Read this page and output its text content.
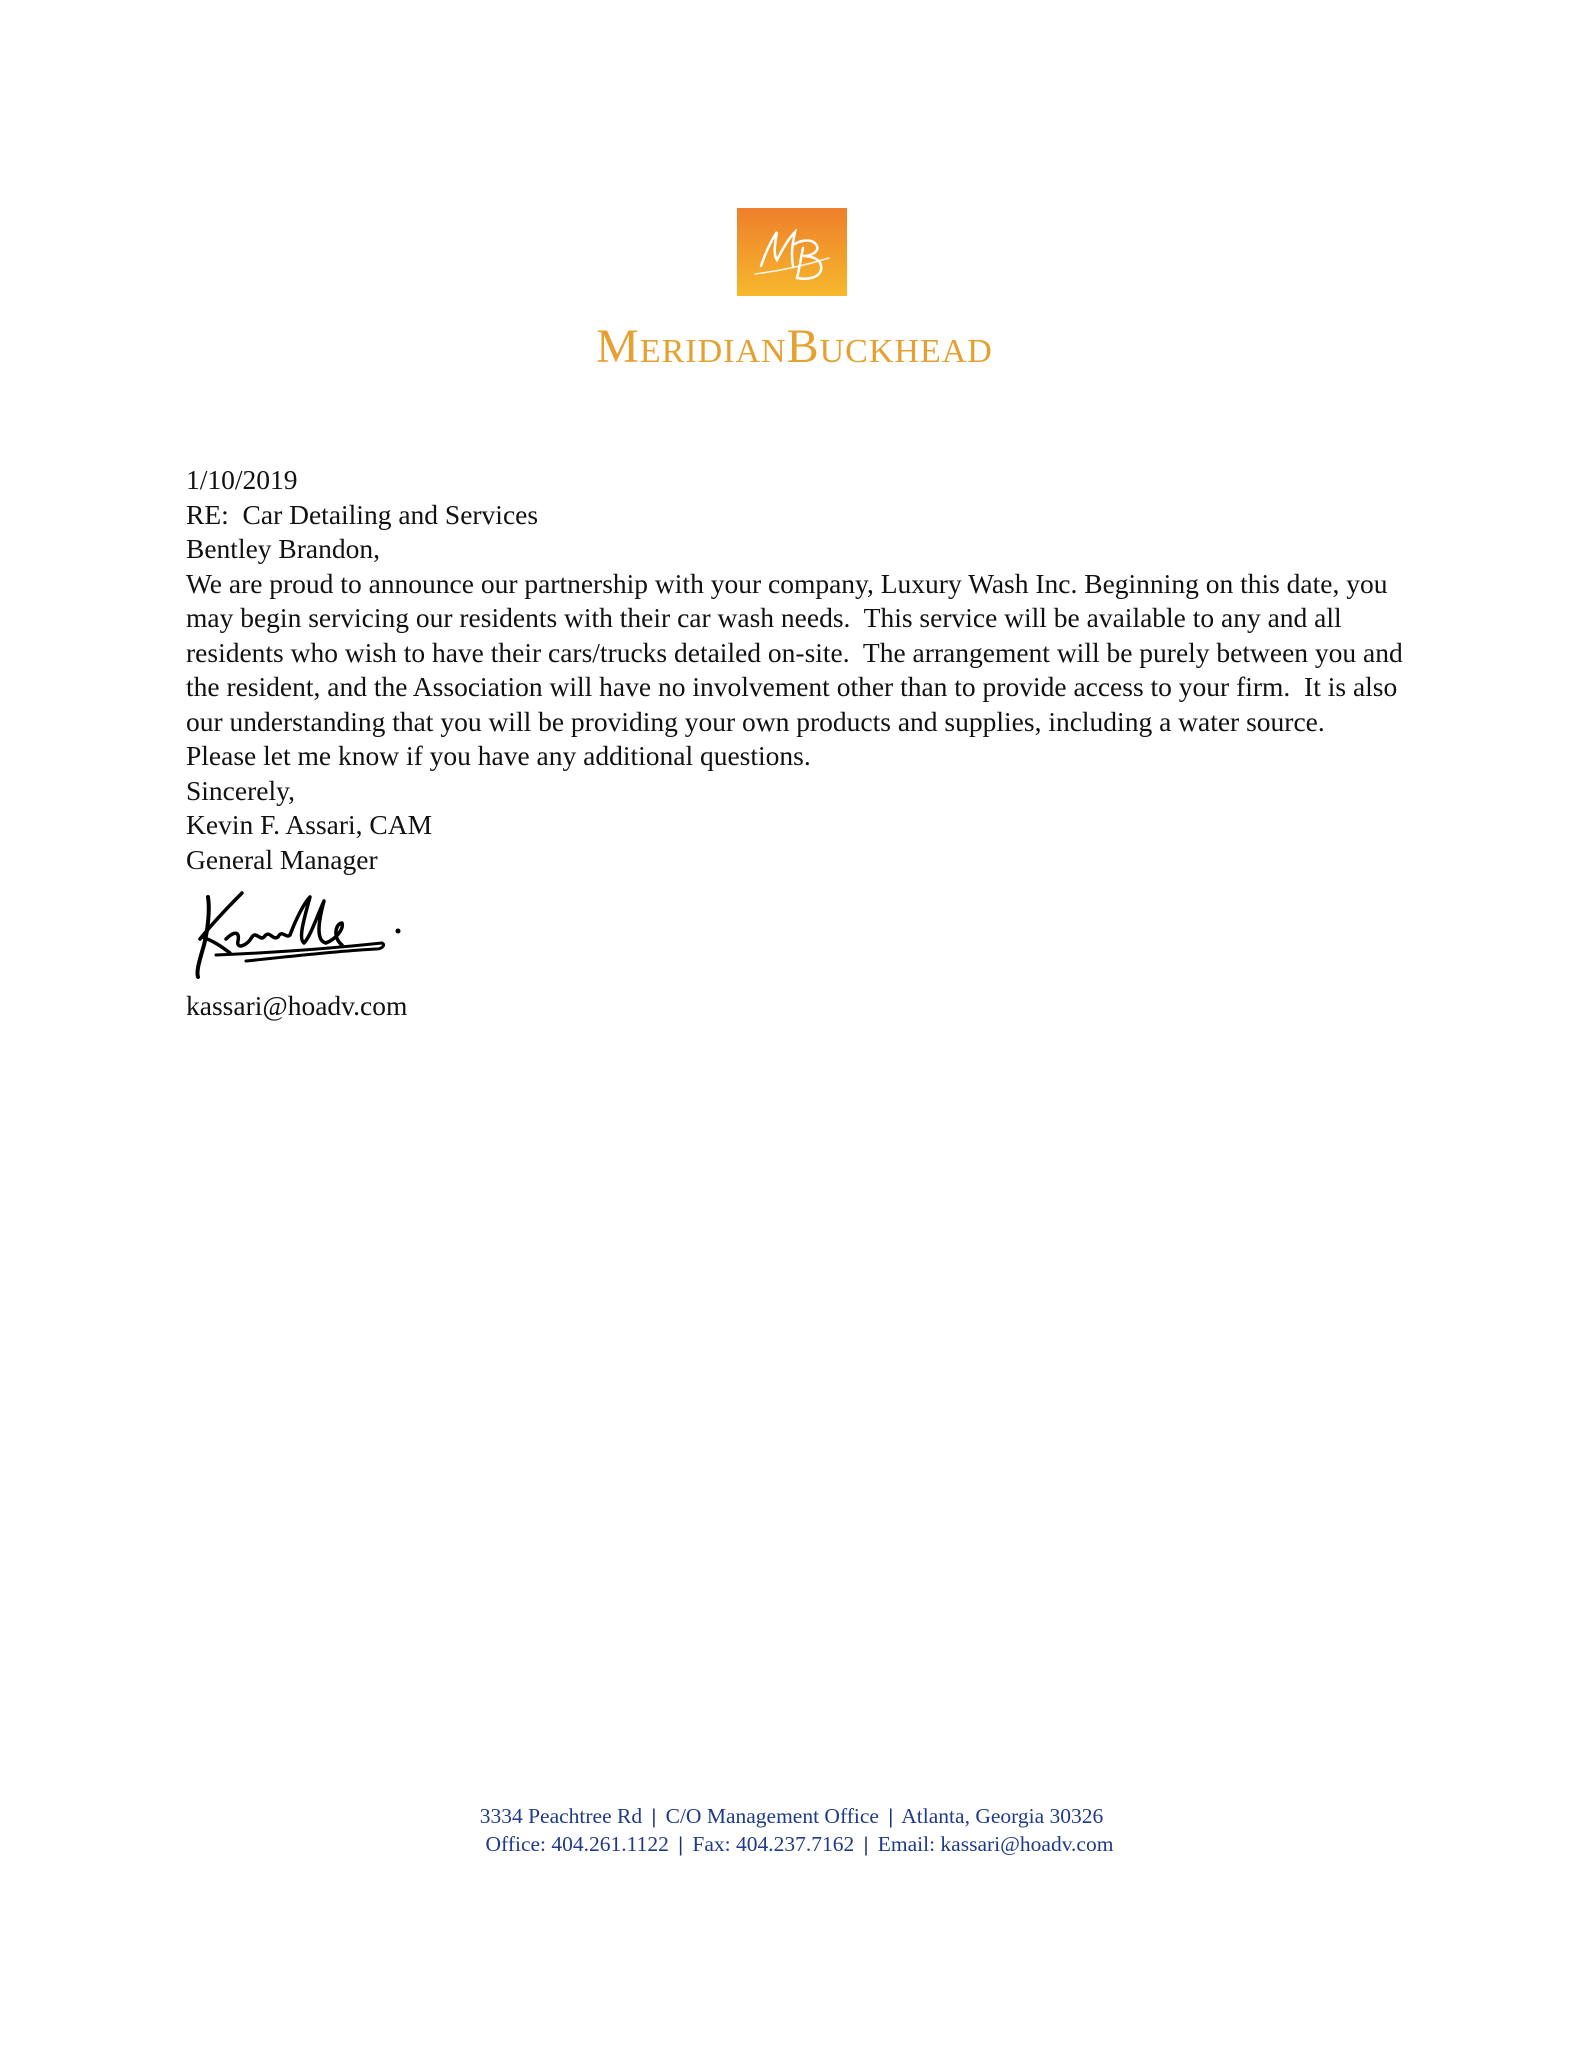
MERIDIANBUCKHEAD

1/10/2019

RE:  Car Detailing and Services

Bentley Brandon,

We are proud to announce our partnership with your company, Luxury Wash Inc. Beginning on this date, you may begin servicing our residents with their car wash needs.  This service will be available to any and all residents who wish to have their cars/trucks detailed on-site.  The arrangement will be purely between you and the resident, and the Association will have no involvement other than to provide access to your firm.  It is also our understanding that you will be providing your own products and supplies, including a water source.

Please let me know if you have any additional questions.

Sincerely,

Kevin F. Assari, CAM

General Manager

kassari@hoadv.com

3334 Peachtree Rd | C/O Management Office | Atlanta, Georgia 30326
Office: 404.261.1122 | Fax: 404.237.7162 | Email: kassari@hoadv.com
